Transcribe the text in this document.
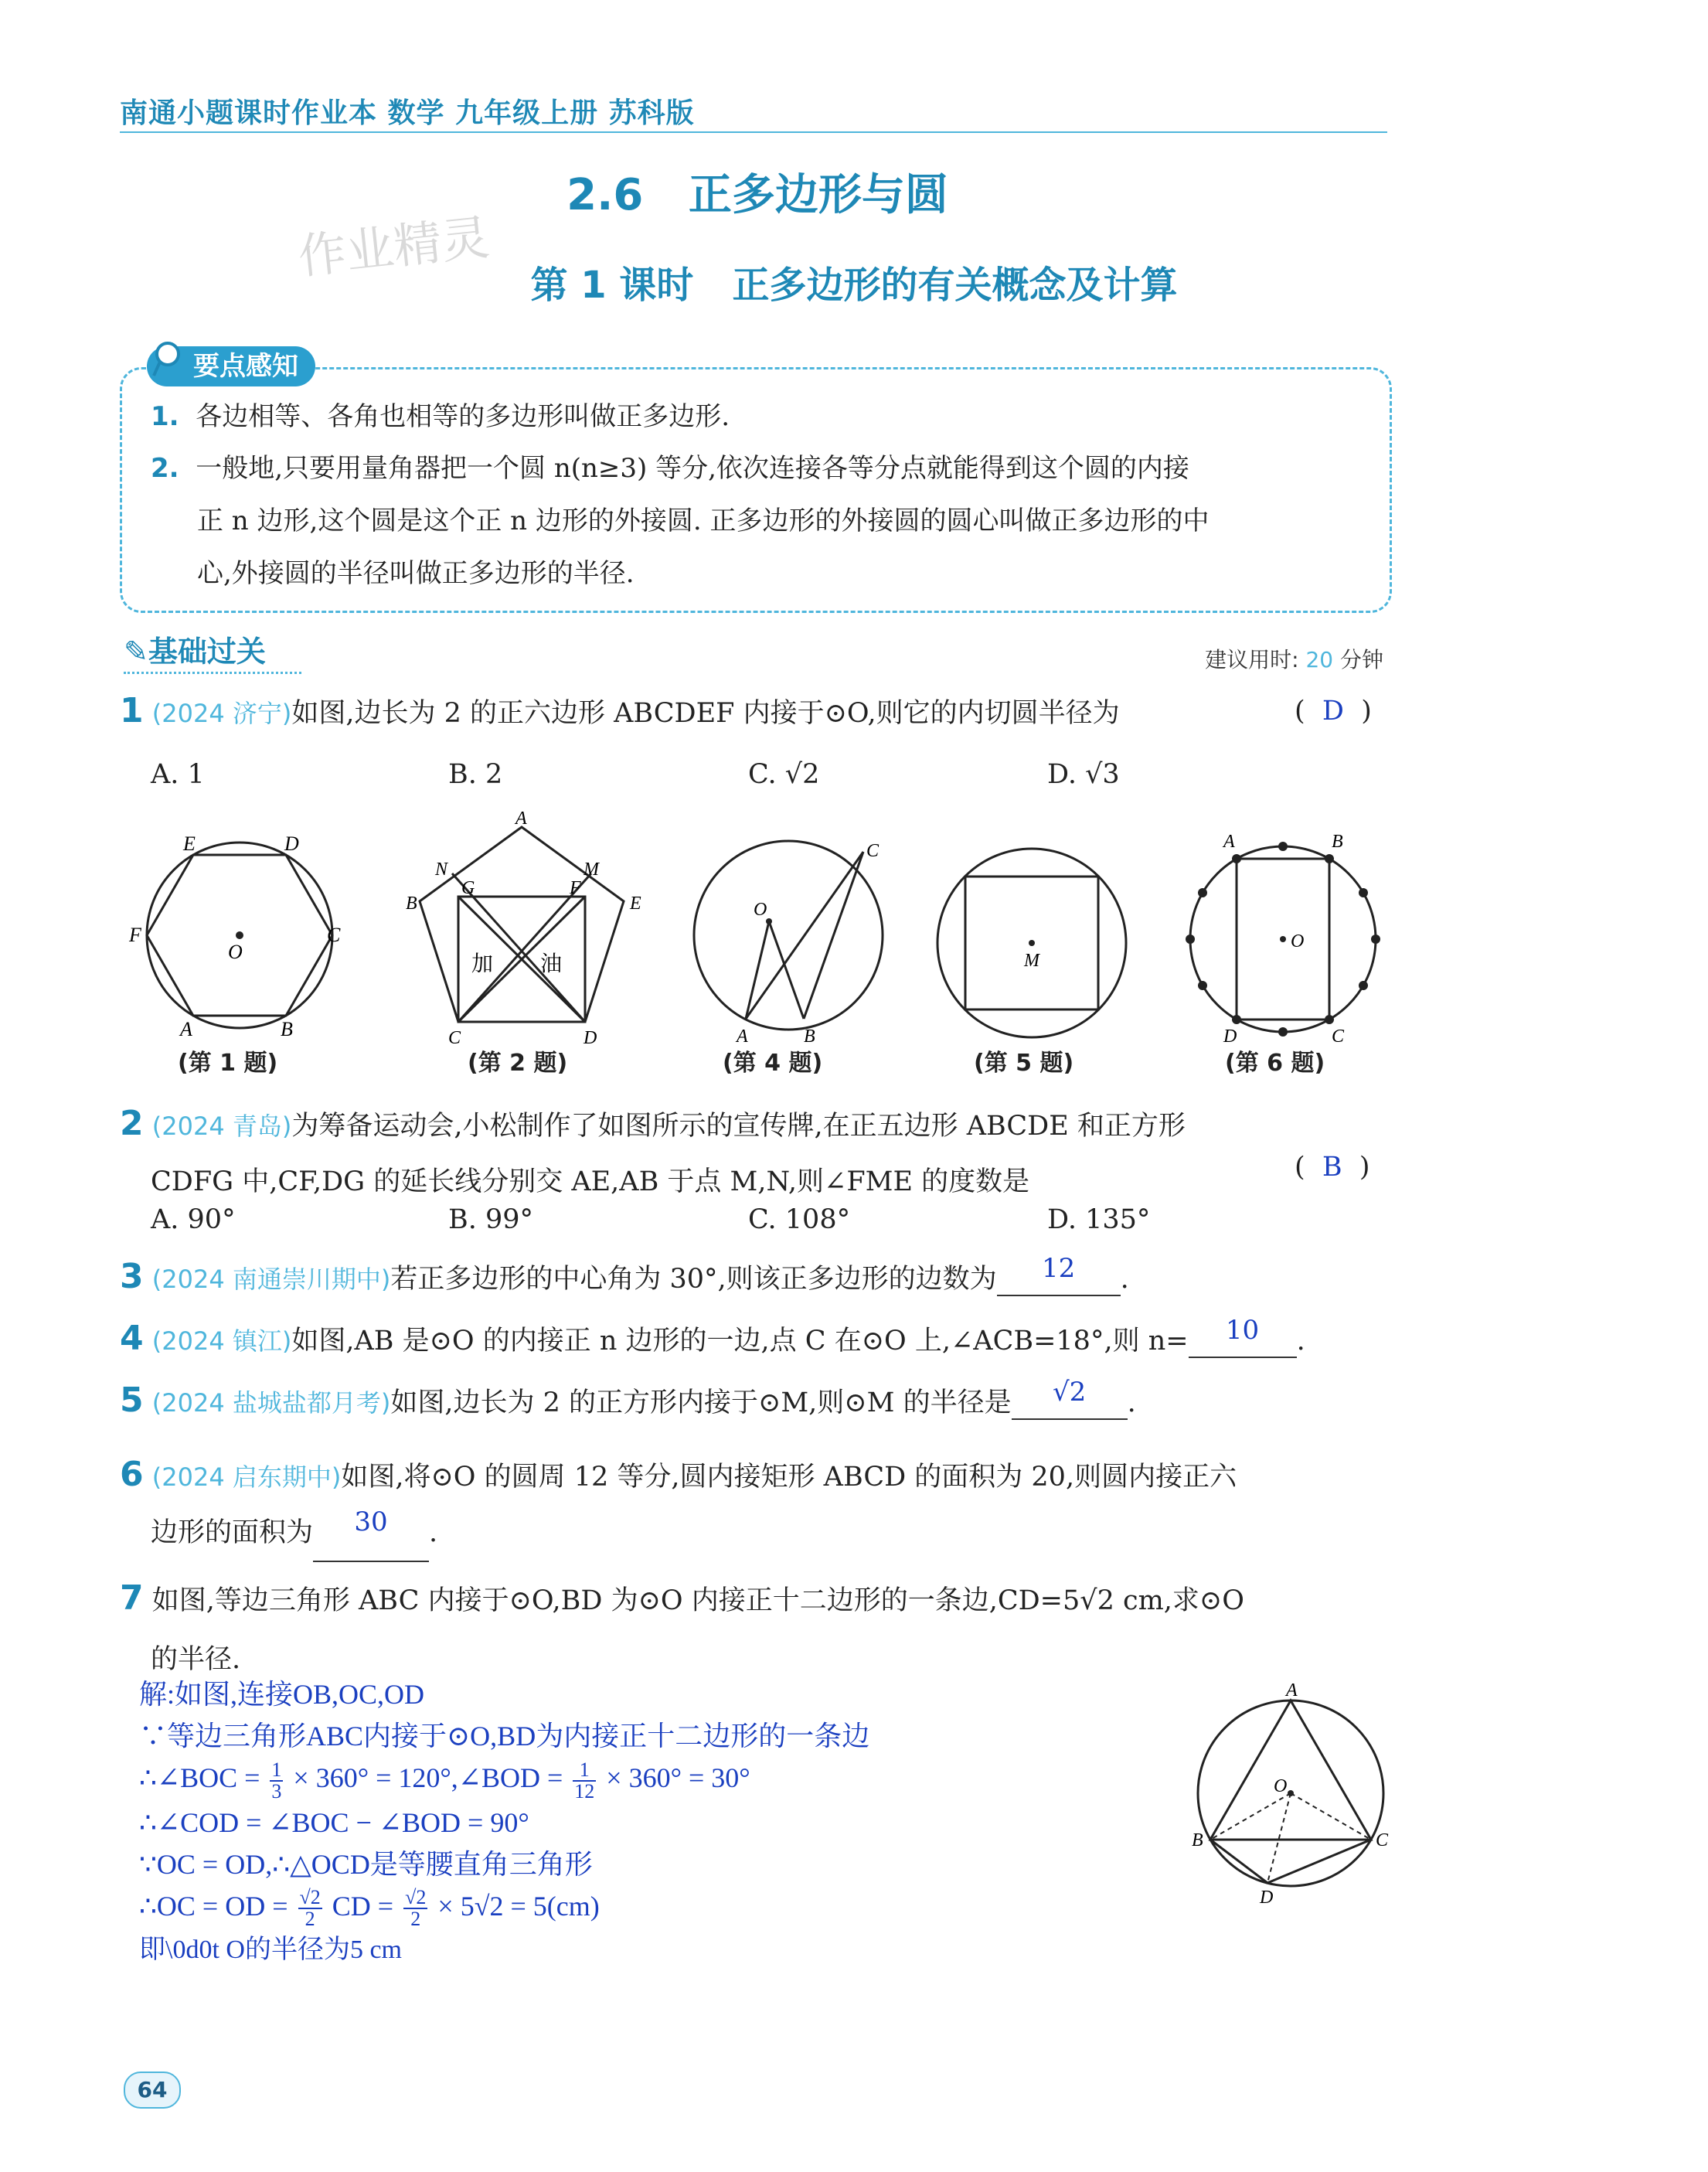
南通小题课时作业本 数学 九年级上册 苏科版
2.6 正多边形与圆
作业精灵
第 1 课时 正多边形的有关概念及计算
要点感知
1. 各边相等、各角也相等的多边形叫做正多边形.
2. 一般地,只要用量角器把一个圆 n(n≥3) 等分,依次连接各等分点就能得到这个圆的内接
正 n 边形,这个圆是这个正 n 边形的外接圆. 正多边形的外接圆的圆心叫做正多边形的中
心,外接圆的半径叫做正多边形的半径.
✎基础过关	建议用时: 20 分钟
1 (2024 济宁)如图,边长为 2 的正六边形 ABCDEF 内接于⊙O,则它的内切圆半径为	(  D  )
A. 1	B. 2	C. √2	D. √3
E	D
F
O
C
A	B
A
N	M
B
G	F
E
加 油
C	D
C
O
A	B
M
A	B
O
D	C
(第 1 题)	(第 2 题)	(第 4 题)	(第 5 题)	(第 6 题)
2 (2024 青岛)为筹备运动会,小松制作了如图所示的宣传牌,在正五边形 ABCDE 和正方形
CDFG 中,CF,DG 的延长线分别交 AE,AB 于点 M,N,则∠FME 的度数是	(  B  )
A. 90°	B. 99°	C. 108°	D. 135°
3 (2024 南通崇川期中)若正多边形的中心角为 30°,则该正多边形的边数为	12	.
4 (2024 镇江)如图,AB 是⊙O 的内接正 n 边形的一边,点 C 在⊙O 上,∠ACB=18°,则 n=	10	.
5 (2024 盐城盐都月考)如图,边长为 2 的正方形内接于⊙M,则⊙M 的半径是	√2	.
6 (2024 启东期中)如图,将⊙O 的圆周 12 等分,圆内接矩形 ABCD 的面积为 20,则圆内接正六
边形的面积为	30	.
7 如图,等边三角形 ABC 内接于⊙O,BD 为⊙O 内接正十二边形的一条边,CD=5√2 cm,求⊙O
的半径.
解:如图,连接OB,OC,OD
∵等边三角形ABC内接于⊙O,BD为内接正十二边形的一条边
∴∠BOC = $\frac{1}{3} \times 360^\circ$ = 120°,∠BOD = $\frac{1}{12} \times 360^\circ = 30^\circ$
∴∠COD = ∠BOC − ∠BOD = 90°
∵OC = OD,∴△OCD是等腰直角三角形
∴OC = OD = $\frac{√2}{2}$ CD = $\frac{√2}{2} \times 5√2 = 5(cm)$
即\0d0t O的半径为5 cm
A
O
B	C
D
64
